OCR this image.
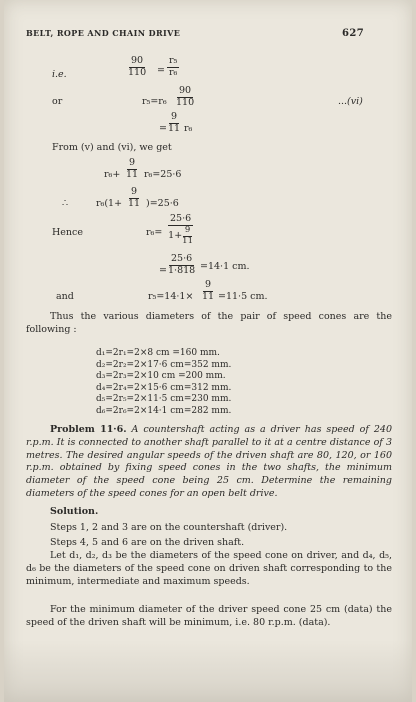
BELT, ROPE AND CHAIN DRIVE	627
i.e.	$\frac{90}{110} = \frac{\text{r₅}}{\text{r₆}}$
or	$r_5=r_6 \frac{90}{110}$	...(vi)
= $\frac{9}{11} r_6$
From (v) and (vi), we get
$r_6+ \frac{9}{11} r_6=25\cdot 6$
∴	$r_6(1+ \frac{9}{11} )=25\cdot 6$
Hence	$r_6= \frac{25\cdot 6}{1+ \frac{9}{11}}$
= $\frac{25\cdot 6}{1\cdot 818} =14\cdot 1$ cm.
and	$r_5=14\cdot 1\times \frac{9}{11} =11\cdot 5$ cm.
Thus the various diameters of the pair of speed cones are the following :
d₁=2r₁=2×8 cm =160 mm.
d₂=2r₂=2×17·6 cm=352 mm.
d₃=2r₃=2×10 cm =200 mm.
d₄=2r₄=2×15·6 cm=312 mm.
d₅=2r₅=2×11·5 cm=230 mm.
d₆=2r₆=2×14·1 cm=282 mm.
Problem 11·6. A countershaft acting as a driver has speed of 240 r.p.m. It is connected to another shaft parallel to it at a centre distance of 3 metres. The desired angular speeds of the driven shaft are 80, 120, or 160 r.p.m. obtained by fixing speed cones in the two shafts, the minimum diameter of the speed cone being 25 cm. Determine the remaining diameters of the speed cones for an open belt drive.
Solution.
Steps 1, 2 and 3 are on the countershaft (driver).
Steps 4, 5 and 6 are on the driven shaft.
Let d₁, d₂, d₃ be the diameters of the speed cone on driver, and d₄, d₅, d₆ be the diameters of the speed cone on driven shaft corresponding to the minimum, intermediate and maximum speeds.
For the minimum diameter of the driver speed cone 25 cm (data) the speed of the driven shaft will be minimum, i.e. 80 r.p.m. (data).
